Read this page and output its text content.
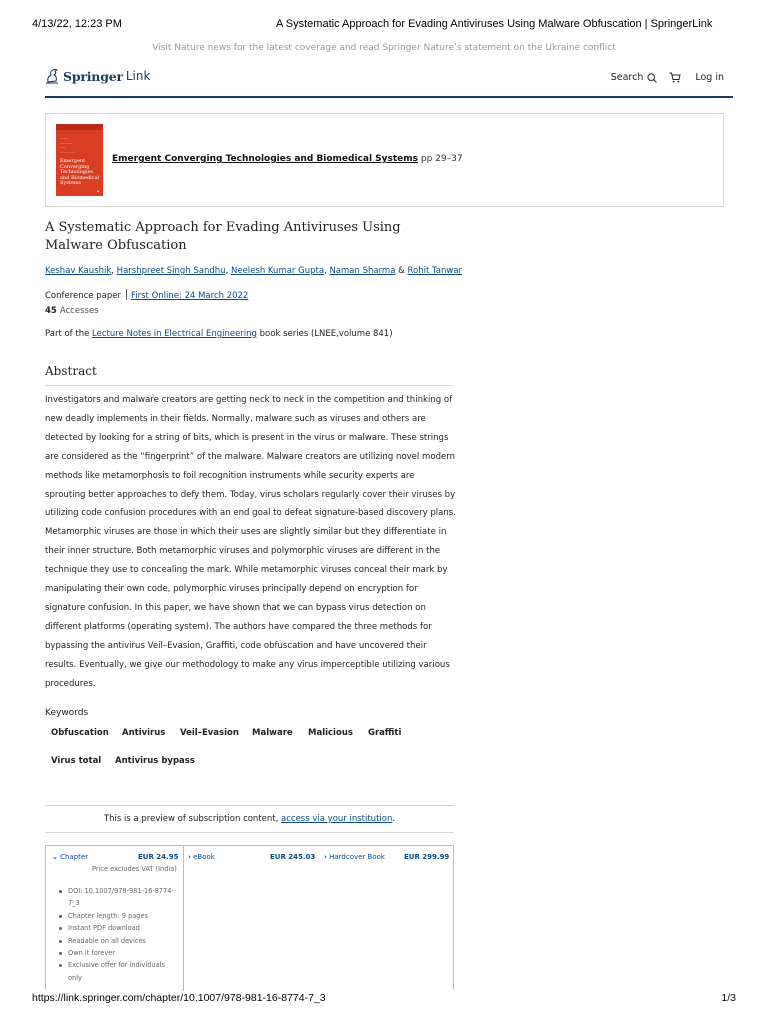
4/13/22, 12:23 PM	A Systematic Approach for Evading Antiviruses Using Malware Obfuscation | SpringerLink
Visit Nature news for the latest coverage and read Springer Nature’s statement on the Ukraine conflict
Springer Link	Search	Log in
———
————
——
—————
Emergent Converging Technologies and Biomedical Systems
▪
Emergent Converging Technologies and Biomedical Systems pp 29–37
A Systematic Approach for Evading Antiviruses Using Malware Obfuscation
Keshav Kaushik, Harshpreet Singh Sandhu, Neelesh Kumar Gupta, Naman Sharma & Rohit Tanwar
Conference paper First Online: 24 March 2022
45 Accesses
Part of the Lecture Notes in Electrical Engineering book series (LNEE,volume 841)
Abstract

Investigators and malware creators are getting neck to neck in the competition and thinking of new deadly implements in their fields. Normally, malware such as viruses and others are detected by looking for a string of bits, which is present in the virus or malware. These strings are considered as the “fingerprint” of the malware. Malware creators are utilizing novel modern methods like metamorphosis to foil recognition instruments while security experts are sprouting better approaches to defy them. Today, virus scholars regularly cover their viruses by utilizing code confusion procedures with an end goal to defeat signature-based discovery plans. Metamorphic viruses are those in which their uses are slightly similar but they differentiate in their inner structure. Both metamorphic viruses and polymorphic viruses are different in the technique they use to concealing the mark. While metamorphic viruses conceal their mark by manipulating their own code, polymorphic viruses principally depend on encryption for signature confusion. In this paper, we have shown that we can bypass virus detection on different platforms (operating system). The authors have compared the three methods for bypassing the antivirus Veil–Evasion, Graffiti, code obfuscation and have uncovered their results. Eventually, we give our methodology to make any virus imperceptible utilizing various procedures.

Keywords
Obfuscation Antivirus Veil–Evasion Malware Malicious Graffiti
Virus total Antivirus bypass
This is a preview of subscription content, access via your institution.
⌄ Chapter	EUR 24.95
Price excludes VAT (India)
DOI: 10.1007/978-981-16-8774-7_3
Chapter length: 9 pages
Instant PDF download
Readable on all devices
Own it forever
Exclusive offer for individuals only
› eBook	EUR 245.03 › Hardcover Book	EUR 299.99
https://link.springer.com/chapter/10.1007/978-981-16-8774-7_3	1/3
